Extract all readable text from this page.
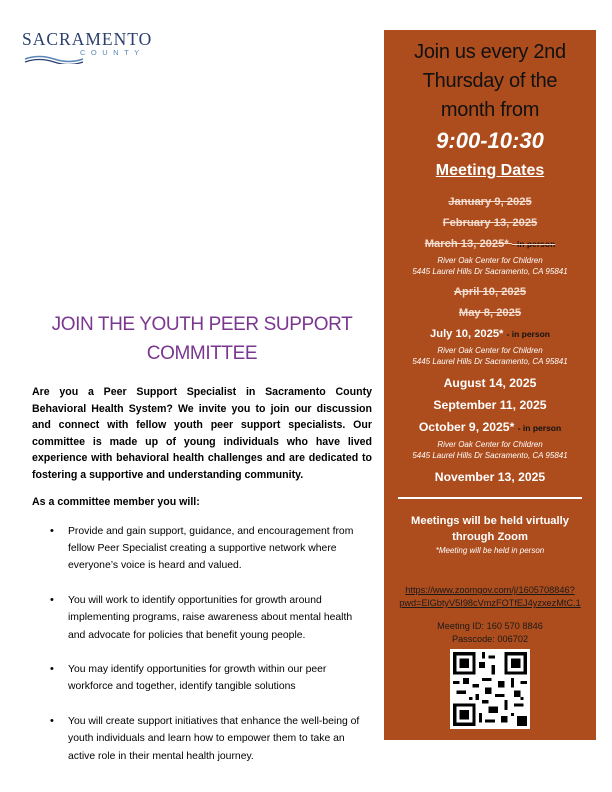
SACRAMENTO
COUNTY
JOIN THE YOUTH PEER SUPPORT
COMMITTEE

Are you a Peer Support Specialist in Sacramento County Behavioral Health System? We invite you to join our discussion and connect with fellow youth peer support specialists. Our committee is made up of young individuals who have lived experience with behavioral health challenges and are dedicated to fostering a supportive and understanding community.

As a committee member you will:

• Provide and gain support, guidance, and encouragement from fellow Peer Specialist creating a supportive network where everyone’s voice is heard and valued.
• You will work to identify opportunities for growth around implementing programs, raise awareness about mental health and advocate for policies that benefit young people.
• You may identify opportunities for growth within our peer workforce and together, identify tangible solutions
• You will create support initiatives that enhance the well-being of youth individuals and learn how to empower them to take an active role in their mental health journey.
Join us every 2nd
Thursday of the
month from
9:00-10:30
Meeting Dates
January 9, 2025
February 13, 2025
March 13, 2025* - in person
River Oak Center for Children
5445 Laurel Hills Dr Sacramento, CA 95841
April 10, 2025
May 8, 2025
July 10, 2025* - in person
River Oak Center for Children
5445 Laurel Hills Dr Sacramento, CA 95841
August 14, 2025
September 11, 2025
October 9, 2025* - in person
River Oak Center for Children
5445 Laurel Hills Dr Sacramento, CA 95841
November 13, 2025
Meetings will be held virtually
through Zoom
*Meeting will be held in person
https://www.zoomgov.com/j/1605708846?
pwd=ElGbtyV5I98cVmzFOTfEJ4yzxezMtC.1
Meeting ID: 160 570 8846
Passcode: 006702
